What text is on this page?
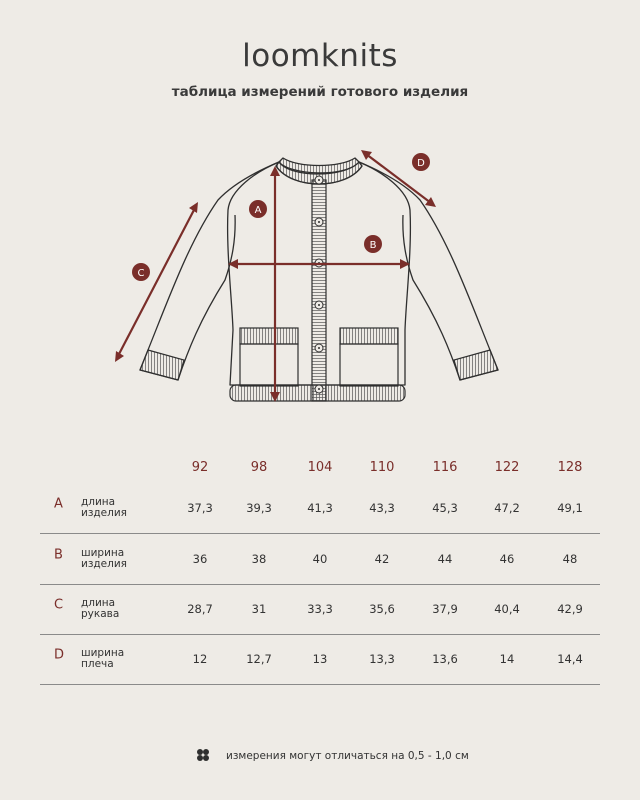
loomknits
таблица измерений готового изделия
A
B
C
D
92	98	104	110	116	122	128
A длина
изделия	37,3	39,3	41,3	43,3	45,3	47,2	49,1
B ширина
изделия	36	38	40	42	44	46	48
C длина
рукава	28,7	31	33,3	35,6	37,9	40,4	42,9
D ширина
плеча	12	12,7	13	13,3	13,6	14	14,4
измерения могут отличаться на 0,5 - 1,0 см
